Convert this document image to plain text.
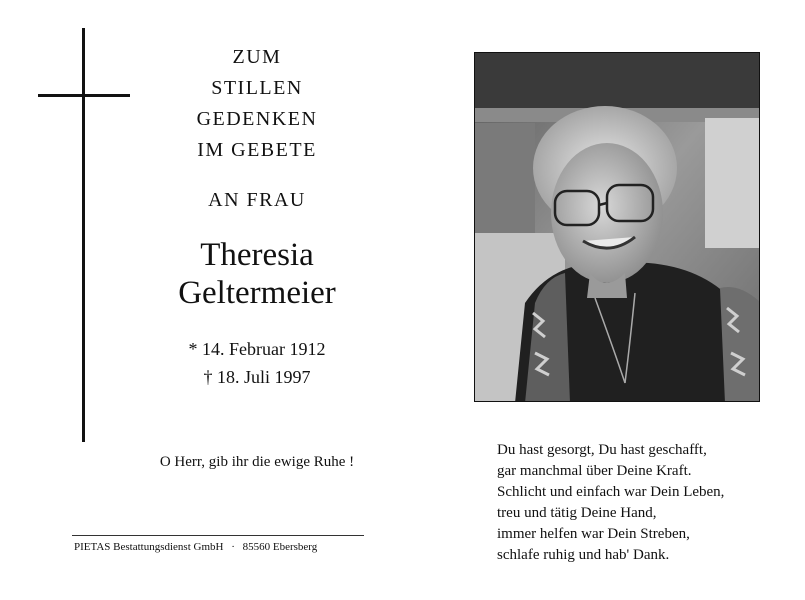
ZUM
STILLEN
GEDENKEN
IM GEBETE
AN FRAU
Theresia
Geltermeier
* 14. Februar 1912
† 18. Juli 1997
O Herr, gib ihr die ewige Ruhe !
PIETAS Bestattungsdienst GmbH · 85560 Ebersberg
Du hast gesorgt, Du hast geschafft,
gar manchmal über Deine Kraft.
Schlicht und einfach war Dein Leben,
treu und tätig Deine Hand,
immer helfen war Dein Streben,
schlafe ruhig und hab' Dank.
